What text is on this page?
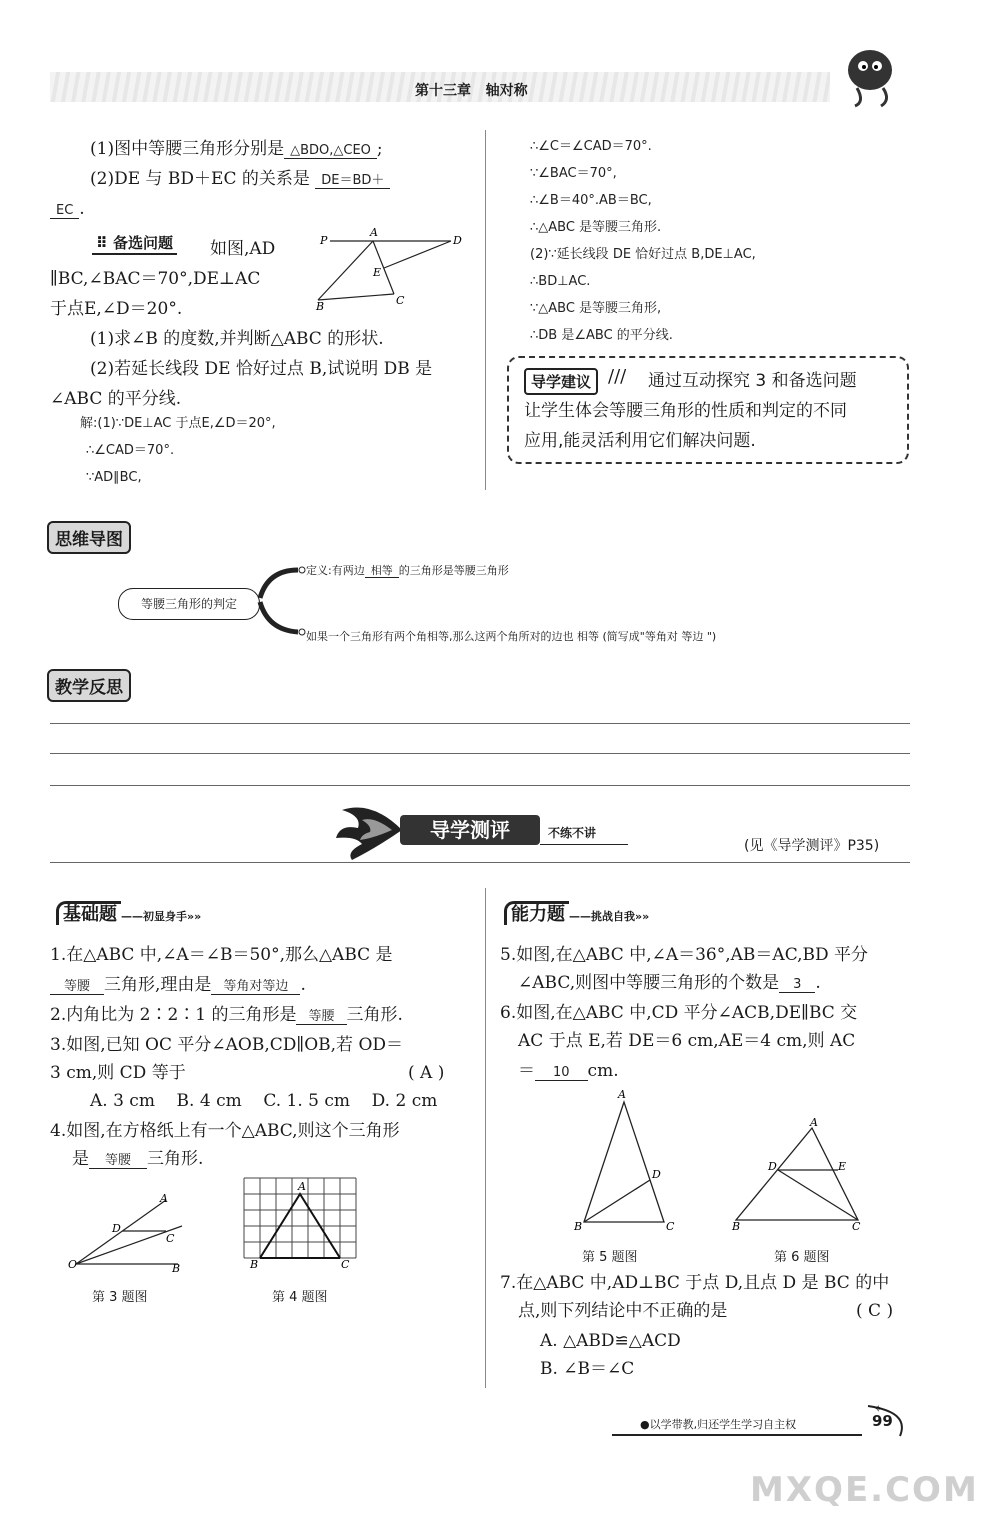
第十三章 轴对称
(1)图中等腰三角形分别是 △BDO,△CEO ;
(2)DE 与 BD＋EC 的关系是 DE＝BD＋
EC .
⠿ 备选问题 如图,AD
∥BC,∠BAC＝70°,DE⊥AC
于点E,∠D＝20°.
(1)求∠B 的度数,并判断△ABC 的形状.
(2)若延长线段 DE 恰好过点 B,试说明 DB 是
∠ABC 的平分线.
P
A
D
B	C
E
解:(1)∵DE⊥AC 于点E,∠D＝20°,
∴∠CAD＝70°.
∵AD∥BC,
∴∠C＝∠CAD＝70°.
∵∠BAC＝70°,
∴∠B＝40°.AB＝BC,
∴△ABC 是等腰三角形.
(2)∵延长线段 DE 恰好过点 B,DE⊥AC,
∴BD⊥AC.
∵△ABC 是等腰三角形,
∴DB 是∠ABC 的平分线.
导学建议 /// 通过互动探究 3 和备选问题
让学生体会等腰三角形的性质和判定的不同
应用,能灵活利用它们解决问题.
思维导图
等腰三角形的判定
定义:有两边 相等 的三角形是等腰三角形
如果一个三角形有两个角相等,那么这两个角所对的边也 相等 (简写成"等角对 等边 ")
教学反思
导学测评	不练不讲
(见《导学测评》P35)
基础题 ——初显身手»»
1.在△ABC 中,∠A＝∠B＝50°,那么△ABC 是
等腰 三角形,理由是 等角对等边 .
2.内角比为 2∶2∶1 的三角形是 等腰 三角形.
3.如图,已知 OC 平分∠AOB,CD∥OB,若 OD＝
3 cm,则 CD 等于	( A )
A. 3 cm    B. 4 cm    C. 1. 5 cm    D. 2 cm
4.如图,在方格纸上有一个△ABC,则这个三角形
是 等腰 三角形.
O
A
D
C
B
第 3 题图
A
B	C
第 4 题图
能力题 ——挑战自我»»
5.如图,在△ABC 中,∠A＝36°,AB＝AC,BD 平分
∠ABC,则图中等腰三角形的个数是 3 .
6.如图,在△ABC 中,CD 平分∠ACB,DE∥BC 交
AC 于点 E,若 DE＝6 cm,AE＝4 cm,则 AC
＝ 10 cm.
A
B	C
D
第 5 题图
A
D	E
B	C
第 6 题图
7.在△ABC 中,AD⊥BC 于点 D,且点 D 是 BC 的中
点,则下列结论中不正确的是	( C )
A. △ABD≌△ACD
B. ∠B＝∠C
●以学带教,归还学生学习自主权	99
✧
MXQE.COM
